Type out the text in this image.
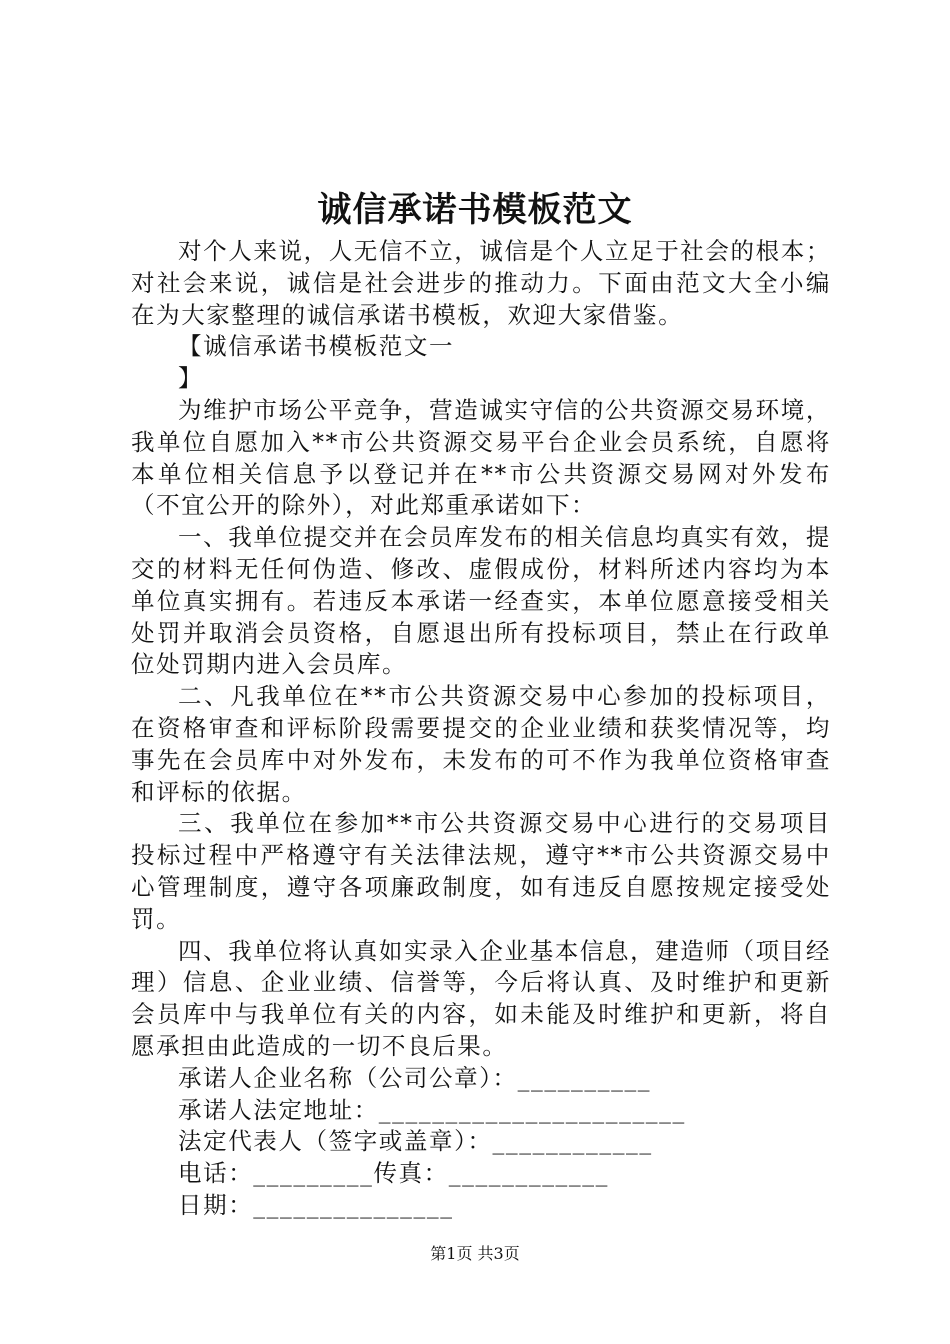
诚信承诺书模板范文

对个人来说，人无信不立，诚信是个人立足于社会的根本；对社会来说，诚信是社会进步的推动力。下面由范文大全小编在为大家整理的诚信承诺书模板，欢迎大家借鉴。

【诚信承诺书模板范文一

】

为维护市场公平竞争，营造诚实守信的公共资源交易环境，我单位自愿加入**市公共资源交易平台企业会员系统，自愿将本单位相关信息予以登记并在**市公共资源交易网对外发布（不宜公开的除外），对此郑重承诺如下：

一、我单位提交并在会员库发布的相关信息均真实有效，提交的材料无任何伪造、修改、虚假成份，材料所述内容均为本单位真实拥有。若违反本承诺一经查实，本单位愿意接受相关处罚并取消会员资格，自愿退出所有投标项目，禁止在行政单位处罚期内进入会员库。

二、凡我单位在**市公共资源交易中心参加的投标项目，在资格审查和评标阶段需要提交的企业业绩和获奖情况等，均事先在会员库中对外发布，未发布的可不作为我单位资格审查和评标的依据。

三、我单位在参加**市公共资源交易中心进行的交易项目投标过程中严格遵守有关法律法规，遵守**市公共资源交易中心管理制度，遵守各项廉政制度，如有违反自愿按规定接受处罚。

四、我单位将认真如实录入企业基本信息，建造师（项目经理）信息、企业业绩、信誉等，今后将认真、及时维护和更新会员库中与我单位有关的内容，如未能及时维护和更新，将自愿承担由此造成的一切不良后果。

承诺人企业名称（公司公章）：__________

承诺人法定地址：_______________________

法定代表人（签字或盖章）：____________

电话：_________传真：____________

日期：_______________

第1页 共3页
